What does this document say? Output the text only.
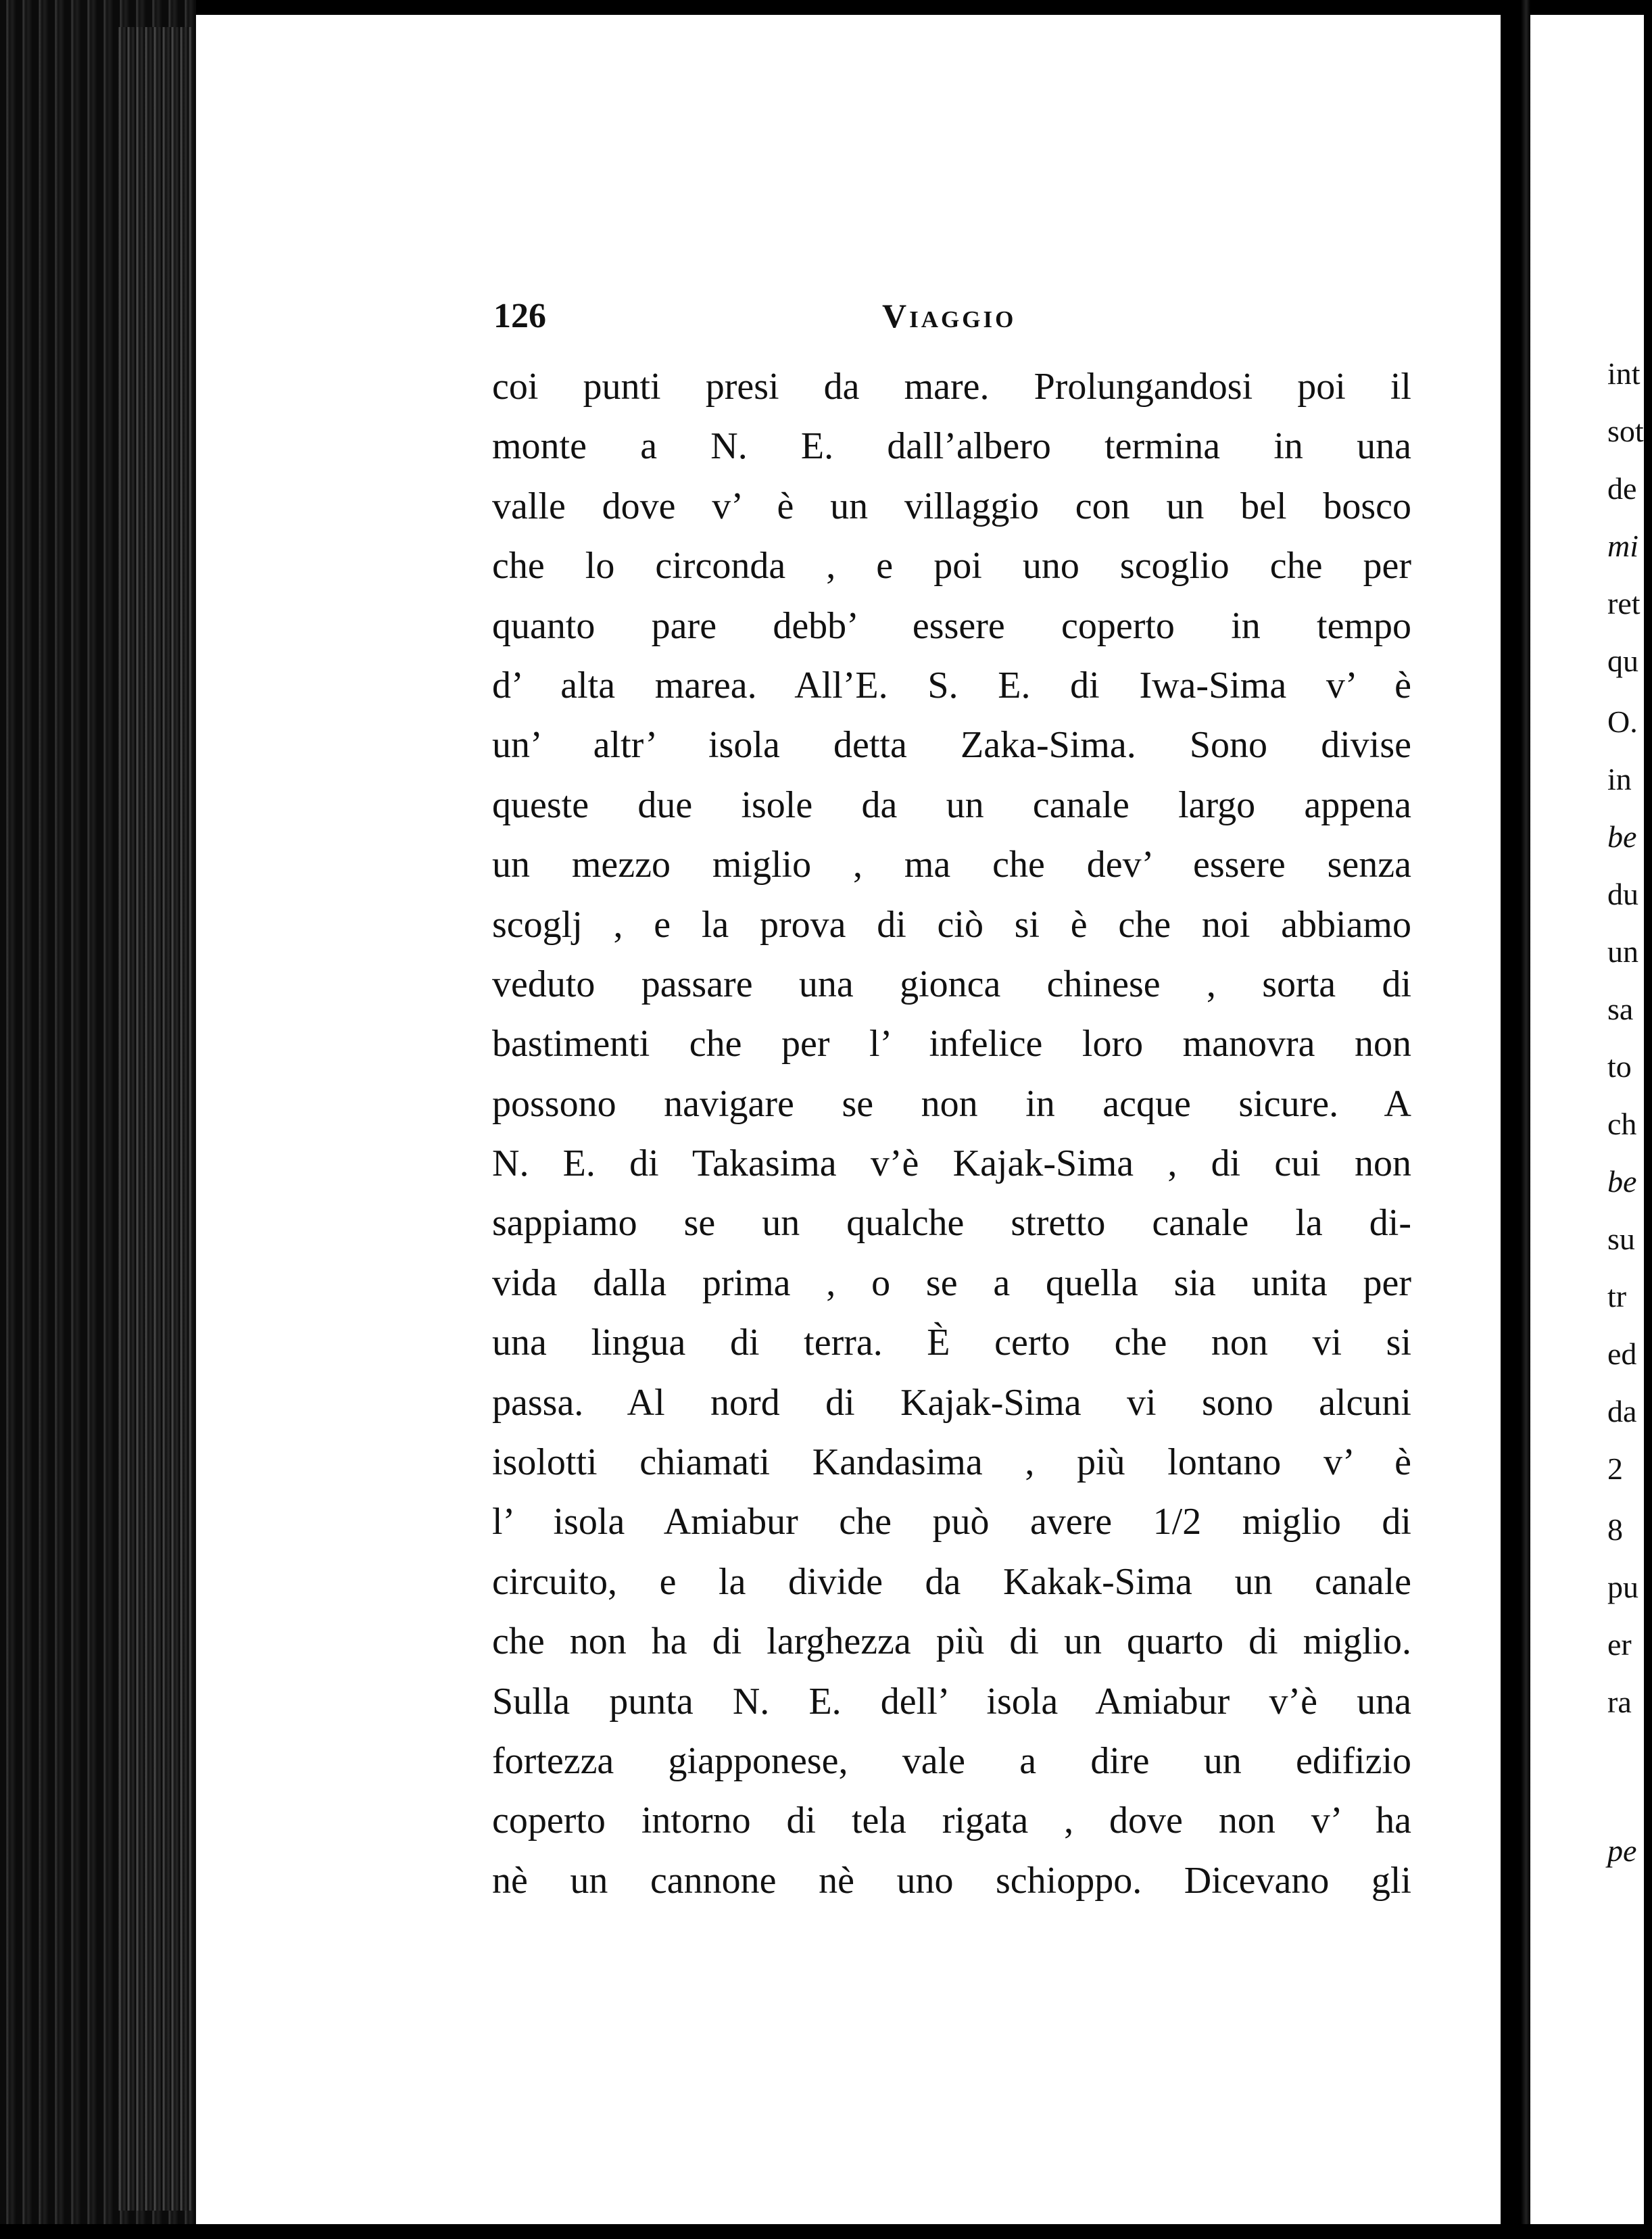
126	Viaggio
coi punti presi da mare. Prolungandosi poi il
monte a N. E. dall’albero termina in una
valle dove v’ è un villaggio con un bel bosco
che lo circonda , e poi uno scoglio che per
quanto pare debb’ essere coperto in tempo
d’ alta marea. All’E. S. E. di Iwa-Sima v’ è
un’ altr’ isola detta Zaka-Sima. Sono divise
queste due isole da un canale largo appena
un mezzo miglio , ma che dev’ essere senza
scoglj , e la prova di ciò si è che noi abbiamo
veduto passare una gionca chinese , sorta di
bastimenti che per l’ infelice loro manovra non
possono navigare se non in acque sicure. A
N. E. di Takasima v’è Kajak-Sima , di cui non
sappiamo se un qualche stretto canale la di-
vida dalla prima , o se a quella sia unita per
una lingua di terra. È certo che non vi si
passa. Al nord di Kajak-Sima vi sono alcuni
isolotti chiamati Kandasima , più lontano v’ è
l’ isola Amiabur che può avere 1/2 miglio di
circuito, e la divide da Kakak-Sima un canale
che non ha di larghezza più di un quarto di miglio.
Sulla punta N. E. dell’ isola Amiabur v’è una
fortezza giapponese, vale a dire un edifizio
coperto intorno di tela rigata , dove non v’ ha
nè un cannone nè uno schioppo. Dicevano gli
int
sot
de
mi
ret
qu
O.
in
be
du
un
sa
to
ch
be
su
tr
ed
da
2
8
pu
er
ra
pe
